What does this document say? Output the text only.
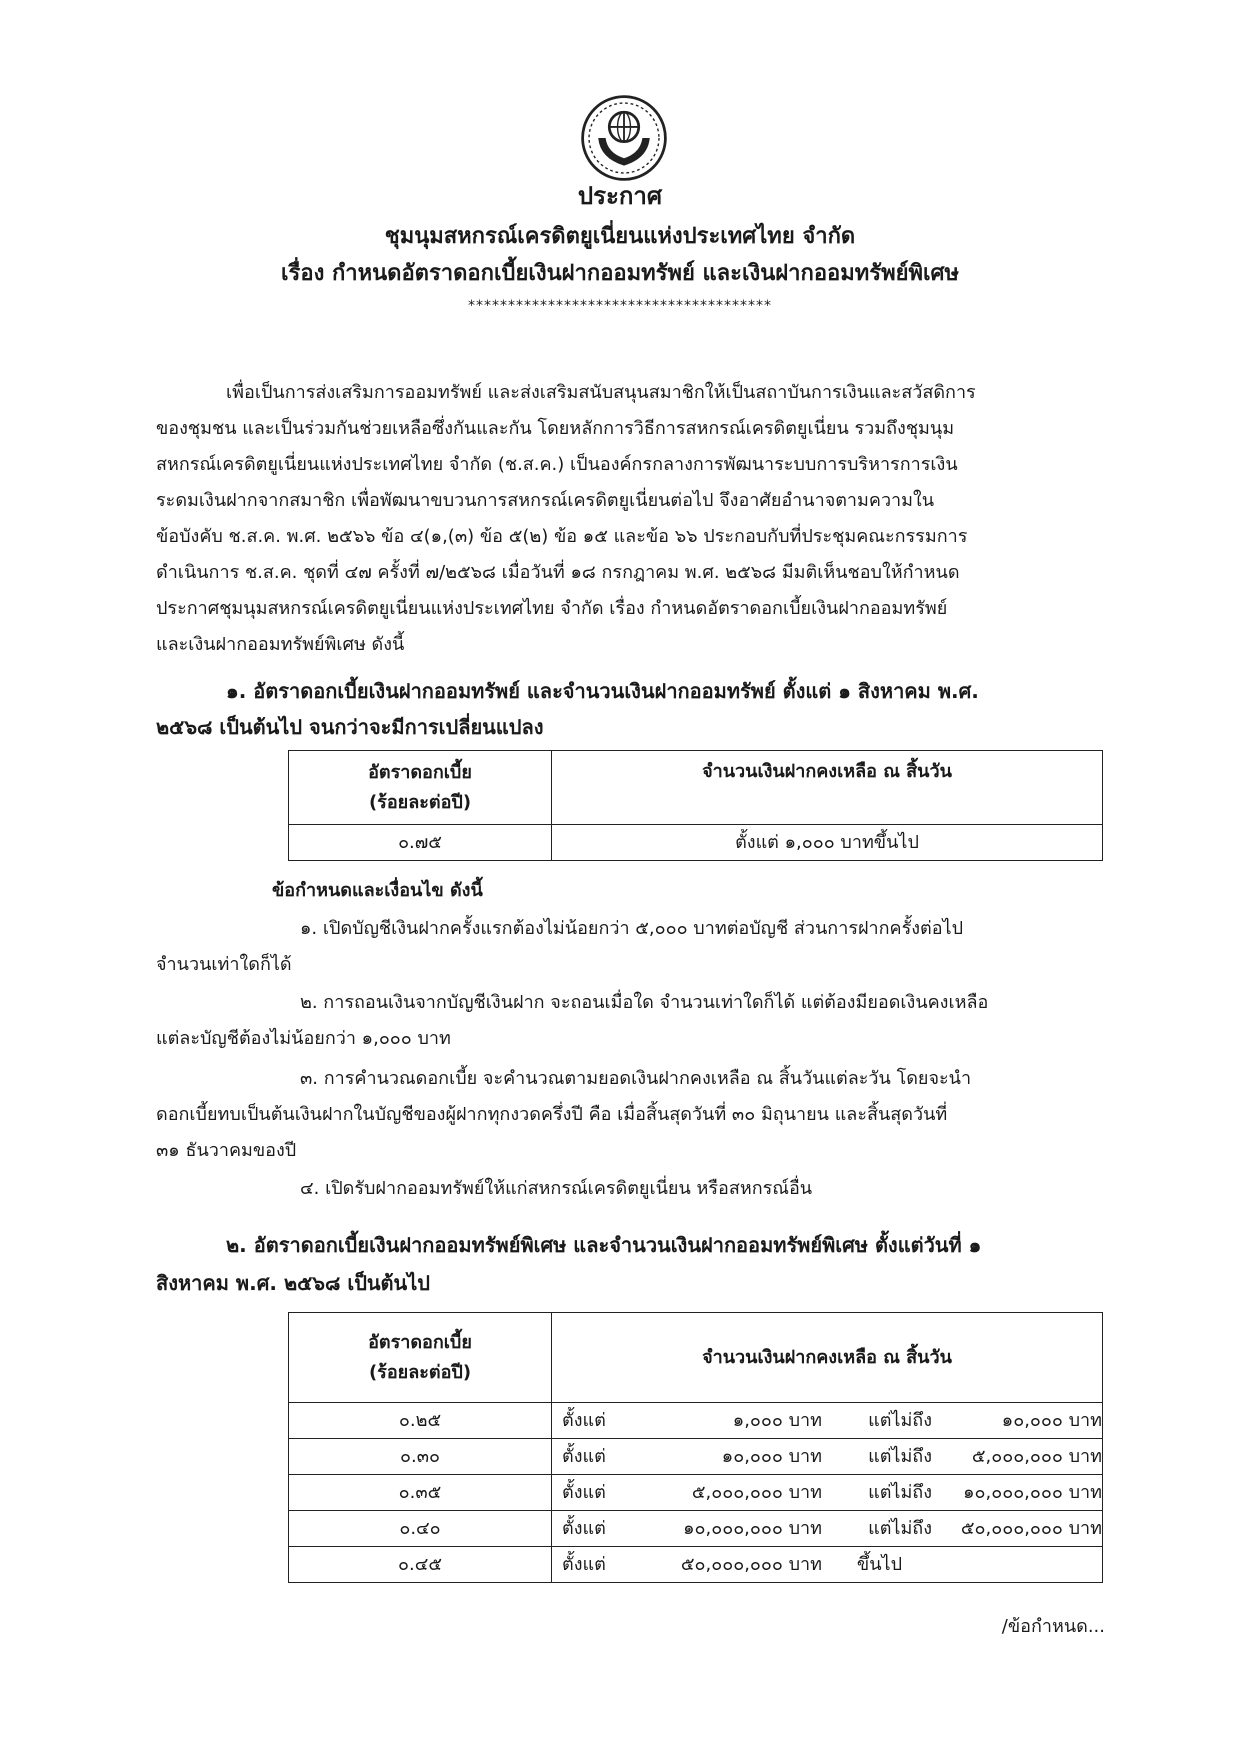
ประกาศ
ชุมนุมสหกรณ์เครดิตยูเนี่ยนแห่งประเทศไทย จำกัด
เรื่อง กำหนดอัตราดอกเบี้ยเงินฝากออมทรัพย์ และเงินฝากออมทรัพย์พิเศษ
**************************************
เพื่อเป็นการส่งเสริมการออมทรัพย์ และส่งเสริมสนับสนุนสมาชิกให้เป็นสถาบันการเงินและสวัสดิการ
ของชุมชน และเป็นร่วมกันช่วยเหลือซึ่งกันและกัน โดยหลักการวิธีการสหกรณ์เครดิตยูเนี่ยน รวมถึงชุมนุม
สหกรณ์เครดิตยูเนี่ยนแห่งประเทศไทย จำกัด (ช.ส.ค.) เป็นองค์กรกลางการพัฒนาระบบการบริหารการเงิน
ระดมเงินฝากจากสมาชิก เพื่อพัฒนาขบวนการสหกรณ์เครดิตยูเนี่ยนต่อไป จึงอาศัยอำนาจตามความใน
ข้อบังคับ ช.ส.ค. พ.ศ. ๒๕๖๖ ข้อ ๔(๑,(๓) ข้อ ๕(๒) ข้อ ๑๕ และข้อ ๖๖ ประกอบกับที่ประชุมคณะกรรมการ
ดำเนินการ ช.ส.ค. ชุดที่ ๔๗ ครั้งที่ ๗/๒๕๖๘ เมื่อวันที่ ๑๘ กรกฎาคม พ.ศ. ๒๕๖๘ มีมติเห็นชอบให้กำหนด
ประกาศชุมนุมสหกรณ์เครดิตยูเนี่ยนแห่งประเทศไทย จำกัด เรื่อง กำหนดอัตราดอกเบี้ยเงินฝากออมทรัพย์
และเงินฝากออมทรัพย์พิเศษ ดังนี้
๑. อัตราดอกเบี้ยเงินฝากออมทรัพย์ และจำนวนเงินฝากออมทรัพย์ ตั้งแต่ ๑ สิงหาคม พ.ศ.
๒๕๖๘ เป็นต้นไป จนกว่าจะมีการเปลี่ยนแปลง
อัตราดอกเบี้ย
(ร้อยละต่อปี)	จำนวนเงินฝากคงเหลือ ณ สิ้นวัน
๐.๗๕	ตั้งแต่ ๑,๐๐๐ บาทขึ้นไป
ข้อกำหนดและเงื่อนไข ดังนี้
๑. เปิดบัญชีเงินฝากครั้งแรกต้องไม่น้อยกว่า ๕,๐๐๐ บาทต่อบัญชี ส่วนการฝากครั้งต่อไป
จำนวนเท่าใดก็ได้
๒. การถอนเงินจากบัญชีเงินฝาก จะถอนเมื่อใด จำนวนเท่าใดก็ได้ แต่ต้องมียอดเงินคงเหลือ
แต่ละบัญชีต้องไม่น้อยกว่า ๑,๐๐๐ บาท
๓. การคำนวณดอกเบี้ย จะคำนวณตามยอดเงินฝากคงเหลือ ณ สิ้นวันแต่ละวัน โดยจะนำ
ดอกเบี้ยทบเป็นต้นเงินฝากในบัญชีของผู้ฝากทุกงวดครึ่งปี คือ เมื่อสิ้นสุดวันที่ ๓๐ มิถุนายน และสิ้นสุดวันที่
๓๑ ธันวาคมของปี
๔. เปิดรับฝากออมทรัพย์ให้แก่สหกรณ์เครดิตยูเนี่ยน หรือสหกรณ์อื่น
๒. อัตราดอกเบี้ยเงินฝากออมทรัพย์พิเศษ และจำนวนเงินฝากออมทรัพย์พิเศษ ตั้งแต่วันที่ ๑
สิงหาคม พ.ศ. ๒๕๖๘ เป็นต้นไป
อัตราดอกเบี้ย
(ร้อยละต่อปี)	จำนวนเงินฝากคงเหลือ ณ สิ้นวัน
๐.๒๕	ตั้งแต่ ๑,๐๐๐ บาท แต่ไม่ถึง ๑๐,๐๐๐ บาท

๐.๓๐	ตั้งแต่ ๑๐,๐๐๐ บาท แต่ไม่ถึง ๕,๐๐๐,๐๐๐ บาท

๐.๓๕	ตั้งแต่ ๕,๐๐๐,๐๐๐ บาท แต่ไม่ถึง ๑๐,๐๐๐,๐๐๐ บาท

๐.๔๐	ตั้งแต่ ๑๐,๐๐๐,๐๐๐ บาท แต่ไม่ถึง ๕๐,๐๐๐,๐๐๐ บาท

๐.๔๕	ตั้งแต่ ๕๐,๐๐๐,๐๐๐ บาท ขึ้นไป
/ข้อกำหนด...
